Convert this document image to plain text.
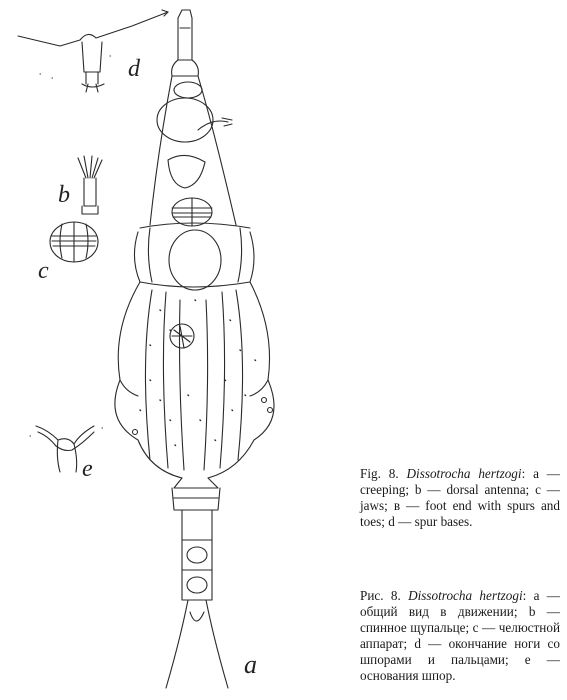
d
b
c
e
a
Fig. 8. Dissotrocha hertzogi: a — creeping; b — dorsal antenna; c — jaws; в — foot end with spurs and toes; d — spur bases.
Рис. 8. Dissotrocha hertzogi: a — общий вид в движении; b — спинное щупальце; c — челюстной аппарат; d — окончание ноги со шпорами и пальцами; e — основания шпор.
